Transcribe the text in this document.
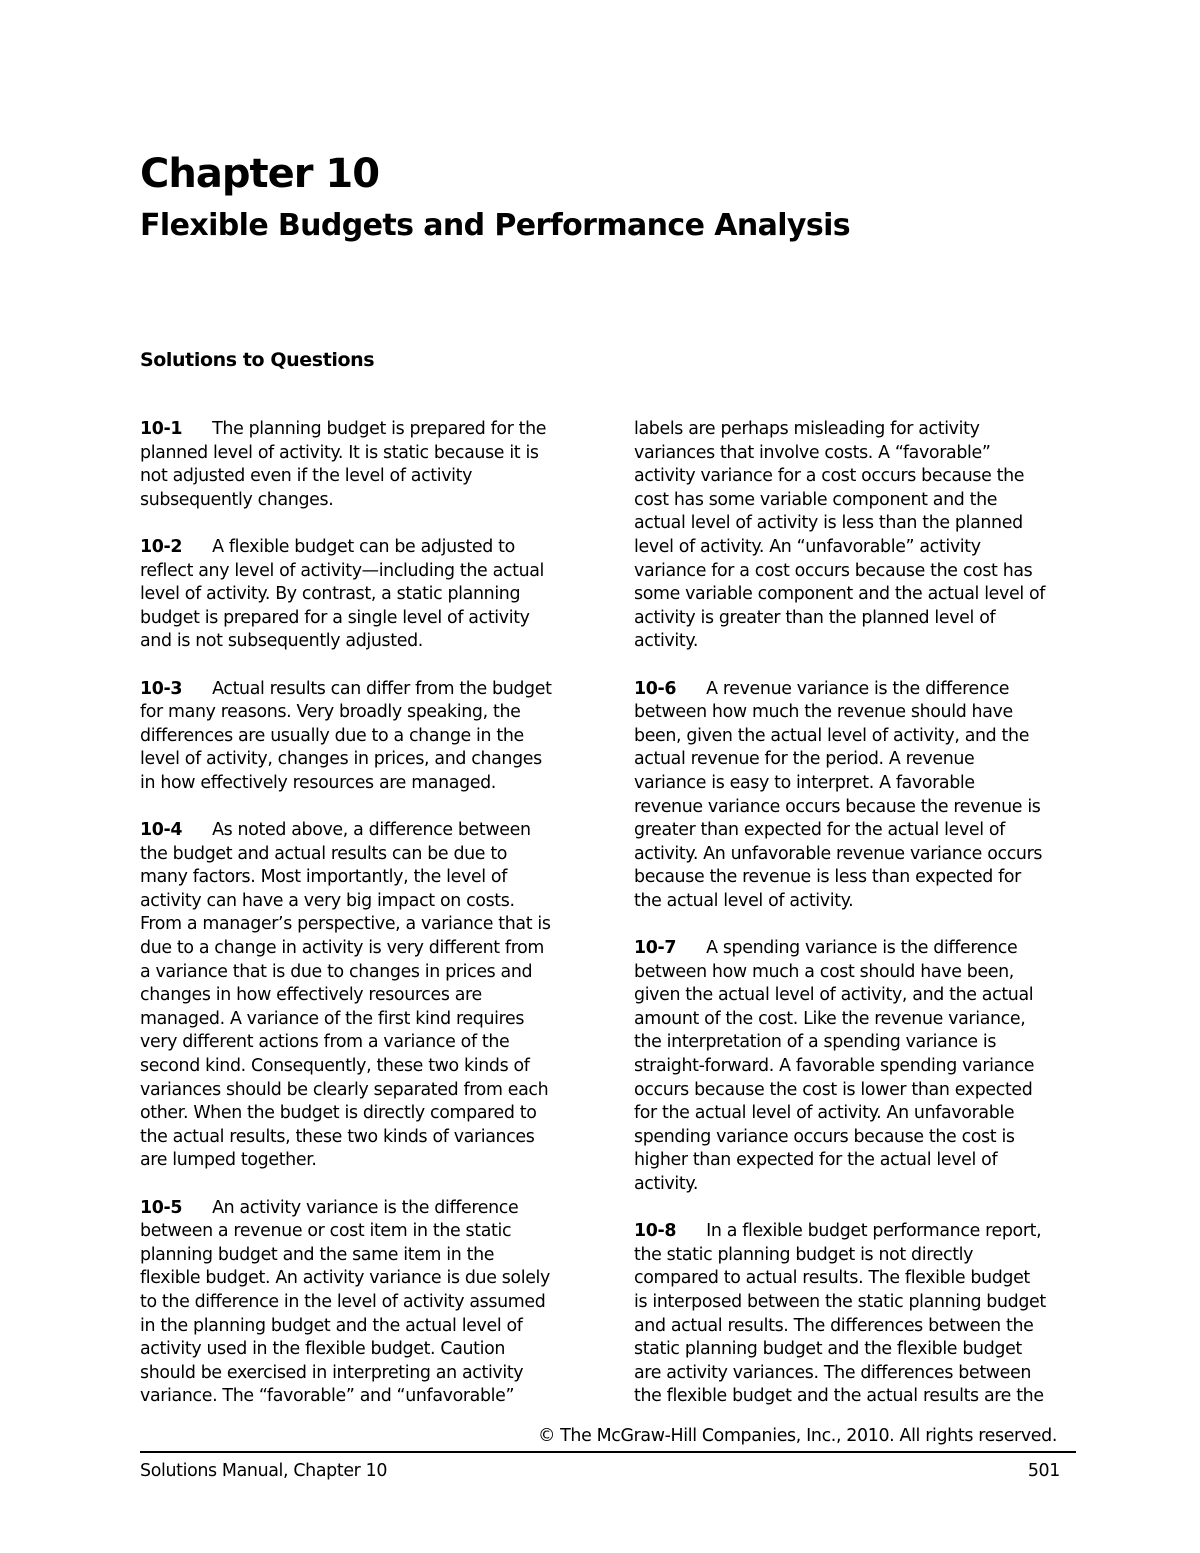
Chapter 10
Flexible Budgets and Performance Analysis
Solutions to Questions

10-1 The planning budget is prepared for the
planned level of activity. It is static because it is
not adjusted even if the level of activity
subsequently changes.

10-2 A flexible budget can be adjusted to
reflect any level of activity—including the actual
level of activity. By contrast, a static planning
budget is prepared for a single level of activity
and is not subsequently adjusted.

10-3 Actual results can differ from the budget
for many reasons. Very broadly speaking, the
differences are usually due to a change in the
level of activity, changes in prices, and changes
in how effectively resources are managed.

10-4 As noted above, a difference between
the budget and actual results can be due to
many factors. Most importantly, the level of
activity can have a very big impact on costs.
From a manager’s perspective, a variance that is
due to a change in activity is very different from
a variance that is due to changes in prices and
changes in how effectively resources are
managed. A variance of the first kind requires
very different actions from a variance of the
second kind. Consequently, these two kinds of
variances should be clearly separated from each
other. When the budget is directly compared to
the actual results, these two kinds of variances
are lumped together.

10-5 An activity variance is the difference
between a revenue or cost item in the static
planning budget and the same item in the
flexible budget. An activity variance is due solely
to the difference in the level of activity assumed
in the planning budget and the actual level of
activity used in the flexible budget. Caution
should be exercised in interpreting an activity
variance. The “favorable” and “unfavorable”

labels are perhaps misleading for activity
variances that involve costs. A “favorable”
activity variance for a cost occurs because the
cost has some variable component and the
actual level of activity is less than the planned
level of activity. An “unfavorable” activity
variance for a cost occurs because the cost has
some variable component and the actual level of
activity is greater than the planned level of
activity.

10-6 A revenue variance is the difference
between how much the revenue should have
been, given the actual level of activity, and the
actual revenue for the period. A revenue
variance is easy to interpret. A favorable
revenue variance occurs because the revenue is
greater than expected for the actual level of
activity. An unfavorable revenue variance occurs
because the revenue is less than expected for
the actual level of activity.

10-7 A spending variance is the difference
between how much a cost should have been,
given the actual level of activity, and the actual
amount of the cost. Like the revenue variance,
the interpretation of a spending variance is
straight-forward. A favorable spending variance
occurs because the cost is lower than expected
for the actual level of activity. An unfavorable
spending variance occurs because the cost is
higher than expected for the actual level of
activity.

10-8 In a flexible budget performance report,
the static planning budget is not directly
compared to actual results. The flexible budget
is interposed between the static planning budget
and actual results. The differences between the
static planning budget and the flexible budget
are activity variances. The differences between
the flexible budget and the actual results are the

© The McGraw-Hill Companies, Inc., 2010. All rights reserved.
Solutions Manual, Chapter 10	501
